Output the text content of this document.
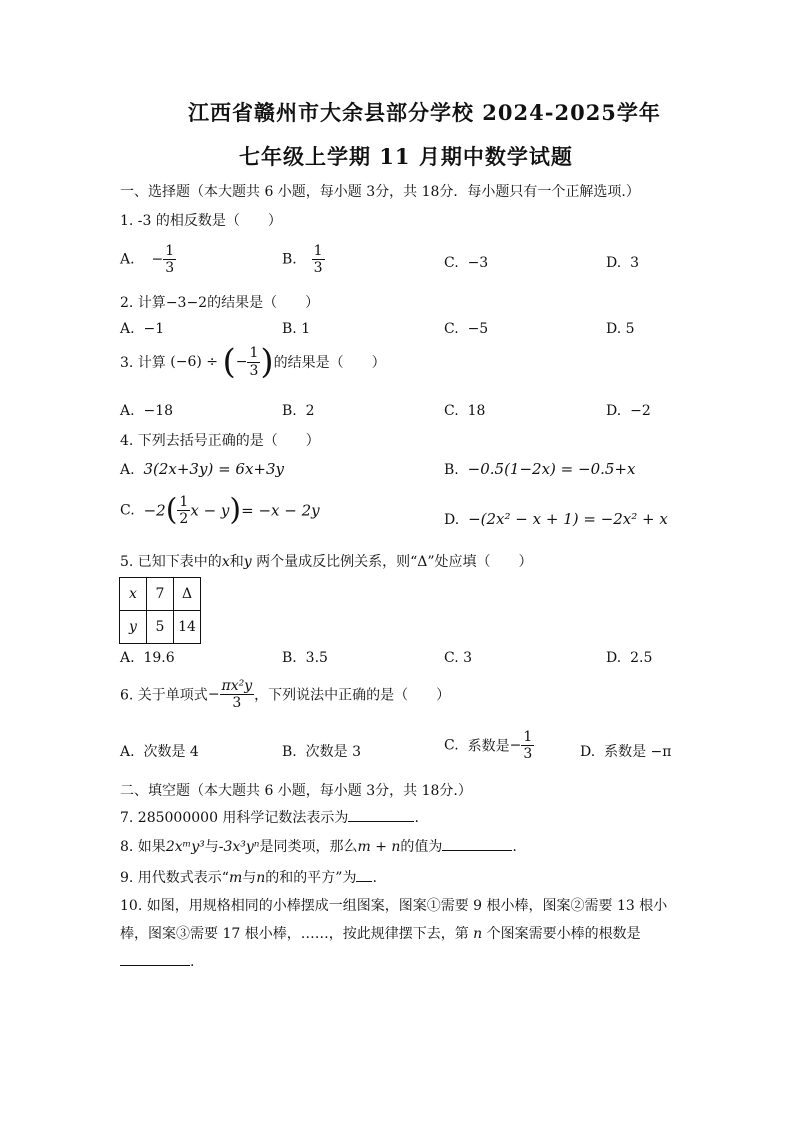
江西省赣州市大余县部分学校 2024-2025学年
七年级上学期 11 月期中数学试题
一、选择题（本大题共 6 小题，每小题 3分，共 18分．每小题只有一个正解选项.）
1. -3 的相反数是（　　）
A. − $\frac{1}{3}$	B. $\frac{1}{3}$	C. −3	D. 3
2. 计算−3−2的结果是（　　）
A. −1	B. 1	C. −5	D. 5
3. 计算 (−6) ÷ (− $\frac{1}{3}$ )的结果是（　　）
A. −18	B. 2	C. 18	D. −2
4. 下列去括号正确的是（　　）
A. 3(2x+3y) = 6x+3y	B. −0.5(1−2x) = −0.5+x
C. $-2( \frac{1}{2}$ x − y)= −x − 2y
D. −(2x² − x + 1) = −2x² + x
5. 已知下表中的x和y 两个量成反比例关系，则“Δ”处应填（　　）
x	7	Δ
y	5	14
A. 19.6	B. 3.5	C. 3	D. 2.5
6. 关于单项式− $\frac{\text{πx²y}}{3}$ ，下列说法中正确的是（　　）
A. 次数是 4	B. 次数是 3	C. 系数是− $\frac{1}{3}$	D. 系数是 −π
二、填空题（本大题共 6 小题，每小题 3分，共 18分.）
7. 285000000 用科学记数法表示为	.
8. 如果2xᵐy³与-3x³yⁿ是同类项，那么m + n的值为	.
9. 用代数式表示“m与n的和的平方”为 .
10. 如图，用规格相同的小棒摆成一组图案，图案①需要 9 根小棒，图案②需要 13 根小
棒，图案③需要 17 根小棒，……，按此规律摆下去，第 n 个图案需要小棒的根数是
.
